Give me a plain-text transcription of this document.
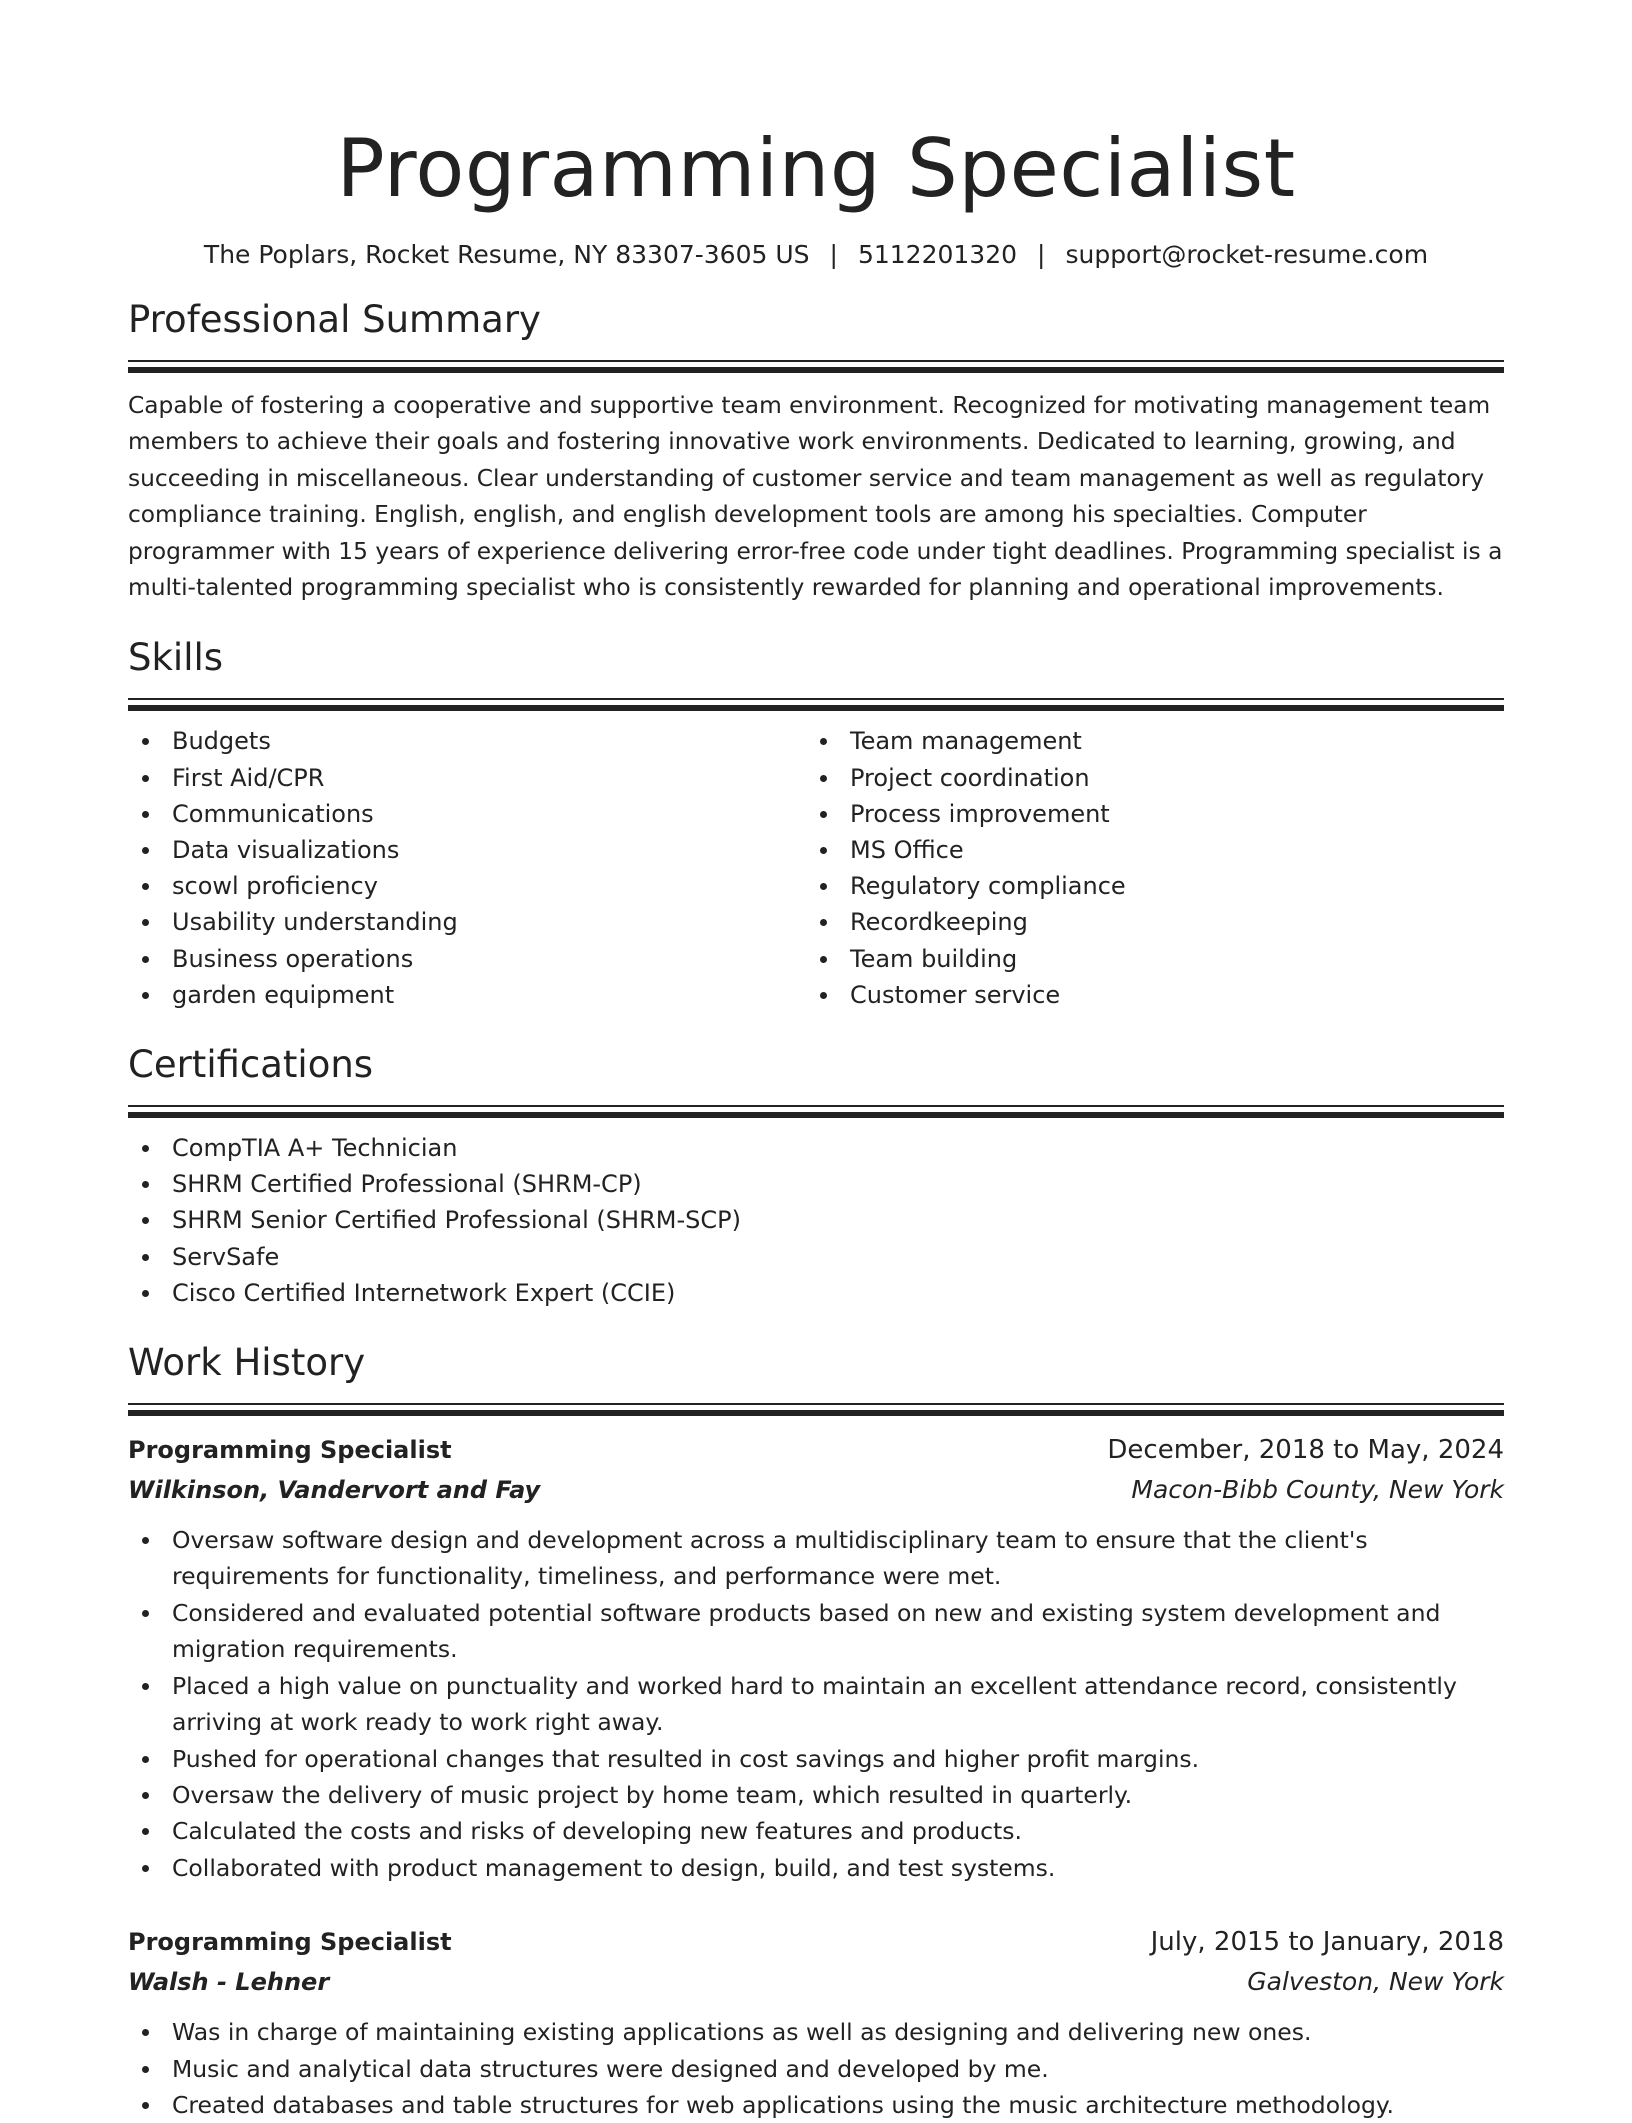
Programming Specialist
The Poplars, Rocket Resume, NY 83307-3605 US | 5112201320 | support@rocket-resume.com
Professional Summary

Capable of fostering a cooperative and supportive team environment. Recognized for motivating management team members to achieve their goals and fostering innovative work environments. Dedicated to learning, growing, and succeeding in miscellaneous. Clear understanding of customer service and team management as well as regulatory compliance training. English, english, and english development tools are among his specialties. Computer programmer with 15 years of experience delivering error-free code under tight deadlines. Programming specialist is a multi-talented programming specialist who is consistently rewarded for planning and operational improvements.

Skills
Budgets
First Aid/CPR
Communications
Data visualizations
scowl proficiency
Usability understanding
Business operations
garden equipment
Team management
Project coordination
Process improvement
MS Office
Regulatory compliance
Recordkeeping
Team building
Customer service
Certifications
CompTIA A+ Technician
SHRM Certified Professional (SHRM-CP)
SHRM Senior Certified Professional (SHRM-SCP)
ServSafe
Cisco Certified Internetwork Expert (CCIE)
Work History
Programming Specialist	December, 2018 to May, 2024
Wilkinson, Vandervort and Fay	Macon-Bibb County, New York
Oversaw software design and development across a multidisciplinary team to ensure that the client's requirements for functionality, timeliness, and performance were met.
Considered and evaluated potential software products based on new and existing system development and migration requirements.
Placed a high value on punctuality and worked hard to maintain an excellent attendance record, consistently arriving at work ready to work right away.
Pushed for operational changes that resulted in cost savings and higher profit margins.
Oversaw the delivery of music project by home team, which resulted in quarterly.
Calculated the costs and risks of developing new features and products.
Collaborated with product management to design, build, and test systems.
Programming Specialist	July, 2015 to January, 2018
Walsh - Lehner	Galveston, New York
Was in charge of maintaining existing applications as well as designing and delivering new ones.
Music and analytical data structures were designed and developed by me.
Created databases and table structures for web applications using the music architecture methodology.
